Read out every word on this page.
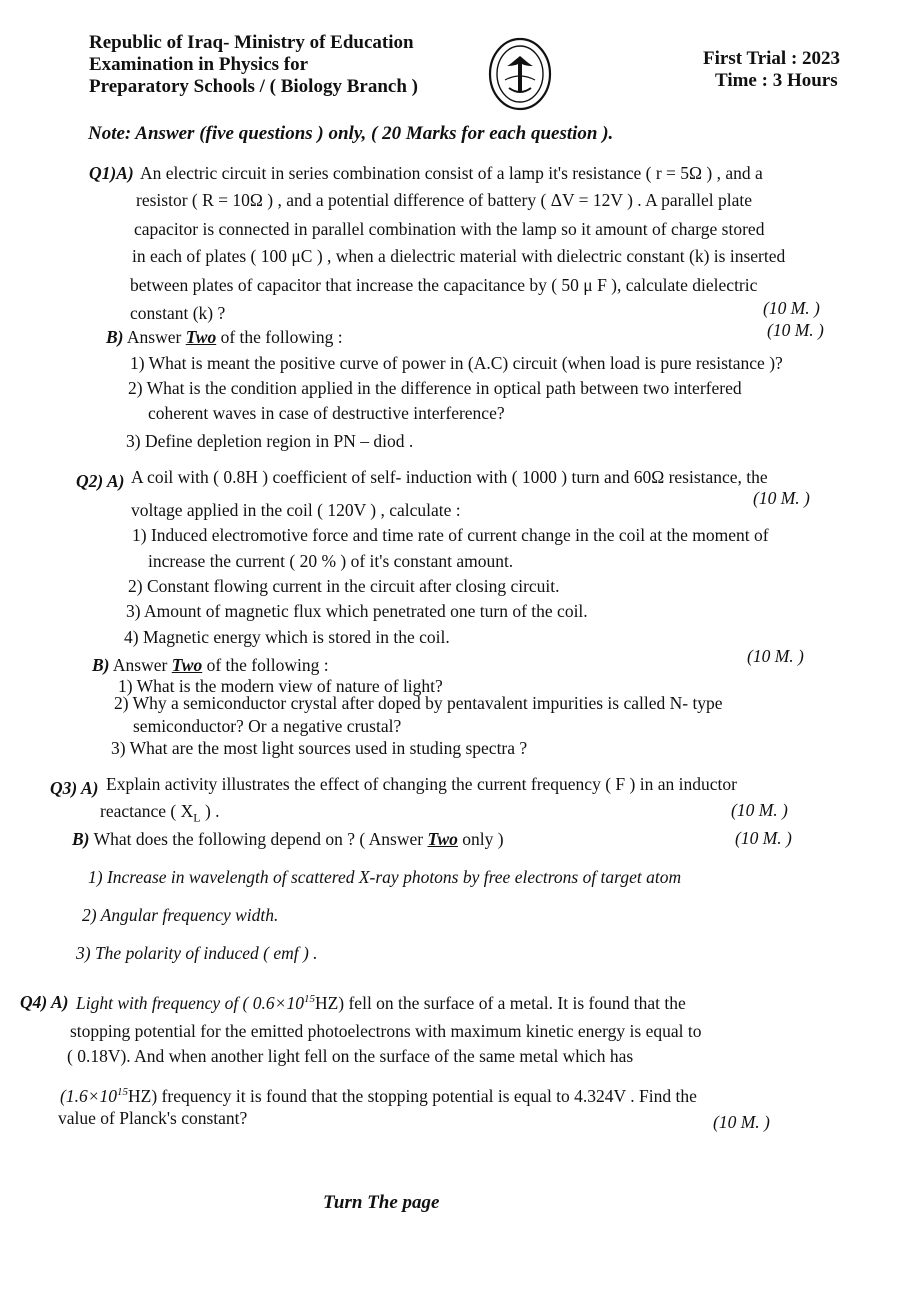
Republic of Iraq- Ministry of Education
Examination in Physics for
Preparatory Schools / ( Biology Branch )
First Trial : 2023
Time : 3 Hours
Note: Answer (five questions ) only, ( 20 Marks for each question ).
Q1)A) An electric circuit in series combination consist of a lamp it's resistance ( r = 5Ω ) , and a
resistor ( R = 10Ω ) , and a potential difference of battery ( ΔV = 12V ) . A parallel plate
capacitor is connected in parallel combination with the lamp so it amount of charge stored
in each of plates ( 100 μC ) , when a dielectric material with dielectric constant (k) is inserted
between plates of capacitor that increase the capacitance by ( 50 μ F ), calculate dielectric
constant (k) ?	(10 M. )
B) Answer Two of the following :	(10 M. )
1) What is meant the positive curve of power in (A.C) circuit (when load is pure resistance )?
2) What is the condition applied in the difference in optical path between two interfered
coherent waves in case of destructive interference?
3) Define depletion region in PN – diod .
Q2) A) A coil with ( 0.8H ) coefficient of self- induction with ( 1000 ) turn and 60Ω resistance, the
voltage applied in the coil ( 120V ) , calculate :
(10 M. )
1) Induced electromotive force and time rate of current change in the coil at the moment of
increase the current ( 20 % ) of it's constant amount.
2) Constant flowing current in the circuit after closing circuit.
3) Amount of magnetic flux which penetrated one turn of the coil.
4) Magnetic energy which is stored in the coil.
B) Answer Two of the following :	(10 M. )
1) What is the modern view of nature of light?
2) Why a semiconductor crystal after doped by pentavalent impurities is called N- type
semiconductor? Or a negative crustal?
3) What are the most light sources used in studing spectra ?
Q3) A) Explain activity illustrates the effect of changing the current frequency ( F ) in an inductor
reactance ( $X_L$ ) .	(10 M. )
B) What does the following depend on ? ( Answer Two only )	(10 M. )
1) Increase in wavelength of scattered X-ray photons by free electrons of target atom
2) Angular frequency width.
3) The polarity of induced ( emf ) .
Q4) A) Light with frequency of ( $0.6\times 10^{15}HZ$) fell on the surface of a metal. It is found that the
stopping potential for the emitted photoelectrons with maximum kinetic energy is equal to
( 0.18V). And when another light fell on the surface of the same metal which has
$(1.6\times 10^{15}HZ)$ frequency it is found that the stopping potential is equal to 4.324V . Find the
value of Planck's constant?	(10 M. )
Turn The page
